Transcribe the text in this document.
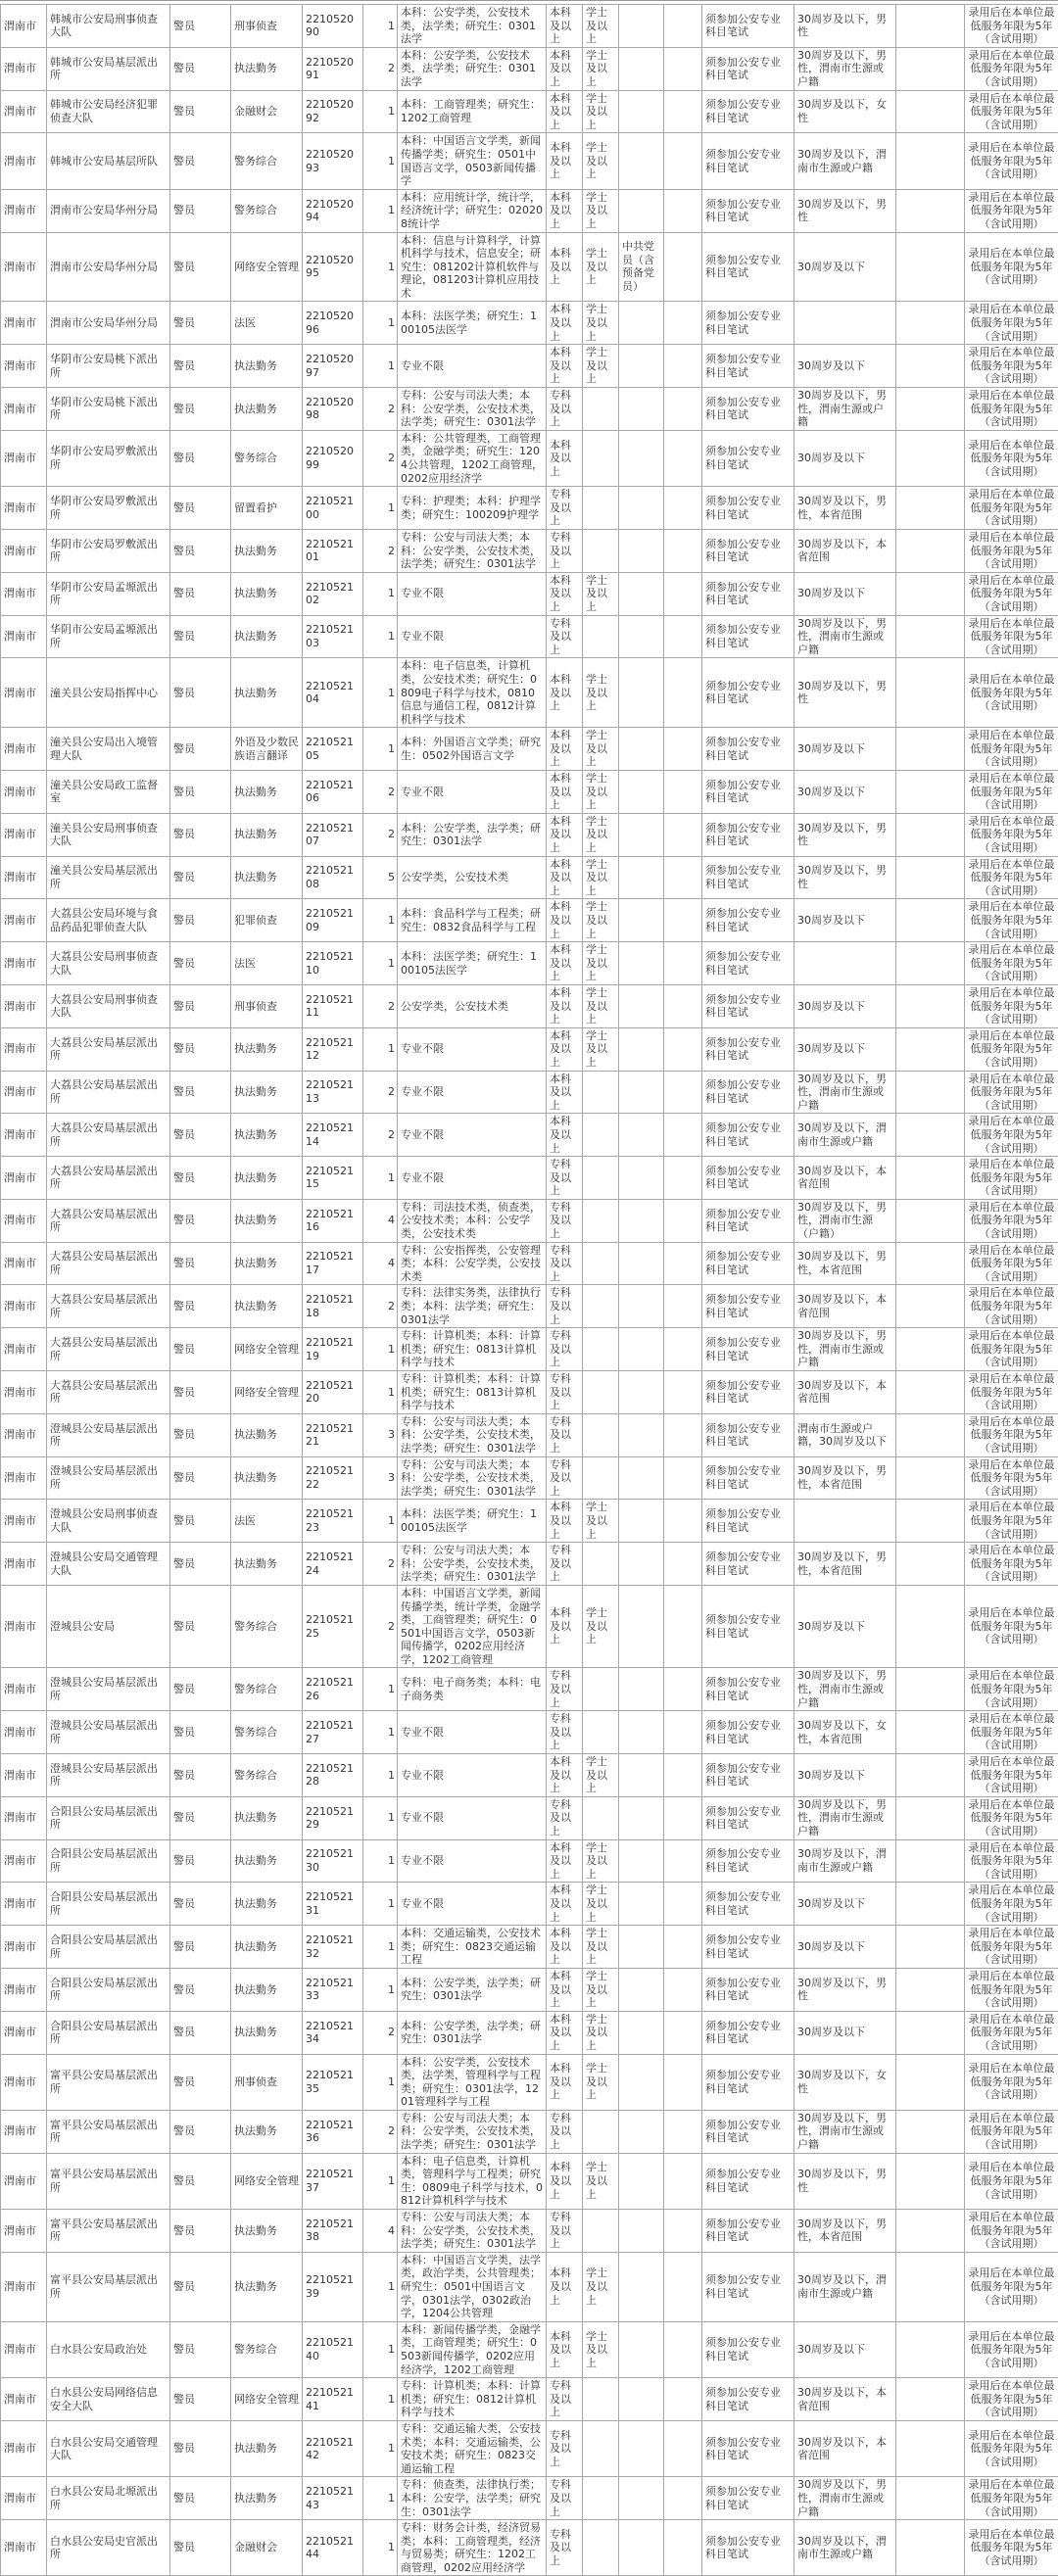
渭南市	韩城市公安局刑事侦查大队	警员	刑事侦查	221052090	1	本科：公安学类，公安技术类，法学类；研究生：0301法学	本科及以上	学士及以上			须参加公安专业科目笔试	30周岁及以下，男性		录用后在本单位最低服务年限为5年（含试用期）
渭南市	韩城市公安局基层派出所	警员	执法勤务	221052091	2	本科：公安学类，公安技术类，法学类；研究生：0301法学	本科及以上	学士及以上			须参加公安专业科目笔试	30周岁及以下，男性，渭南市生源或户籍		录用后在本单位最低服务年限为5年（含试用期）
渭南市	韩城市公安局经济犯罪侦查大队	警员	金融财会	221052092	1	本科：工商管理类；研究生：1202工商管理	本科及以上	学士及以上			须参加公安专业科目笔试	30周岁及以下，女性		录用后在本单位最低服务年限为5年（含试用期）
渭南市	韩城市公安局基层所队	警员	警务综合	221052093	1	本科：中国语言文学类，新闻传播学类；研究生：0501中国语言文学，0503新闻传播学	本科及以上	学士及以上			须参加公安专业科目笔试	30周岁及以下，渭南市生源或户籍		录用后在本单位最低服务年限为5年（含试用期）
渭南市	渭南市公安局华州分局	警员	警务综合	221052094	1	本科：应用统计学，统计学，经济统计学；研究生：020208统计学	本科及以上	学士及以上			须参加公安专业科目笔试	30周岁及以下，男性		录用后在本单位最低服务年限为5年（含试用期）
渭南市	渭南市公安局华州分局	警员	网络安全管理	221052095	1	本科：信息与计算科学，计算机科学与技术，信息安全；研究生：081202计算机软件与理论，081203计算机应用技术	本科及以上	学士及以上	中共党员（含预备党员）		须参加公安专业科目笔试	30周岁及以下		录用后在本单位最低服务年限为5年（含试用期）
渭南市	渭南市公安局华州分局	警员	法医	221052096	1	本科：法医学类；研究生：100105法医学	本科及以上	学士及以上			须参加公安专业科目笔试			录用后在本单位最低服务年限为5年（含试用期）
渭南市	华阴市公安局桃下派出所	警员	执法勤务	221052097	1	专业不限	本科及以上	学士及以上			须参加公安专业科目笔试	30周岁及以下		录用后在本单位最低服务年限为5年（含试用期）
渭南市	华阴市公安局桃下派出所	警员	执法勤务	221052098	2	专科：公安与司法大类；本科：公安学类，公安技术类，法学类；研究生：0301法学	专科及以上				须参加公安专业科目笔试	30周岁及以下，男性，渭南生源或户籍		录用后在本单位最低服务年限为5年（含试用期）
渭南市	华阴市公安局罗敷派出所	警员	警务综合	221052099	2	本科：公共管理类，工商管理类，金融学类；研究生：1204公共管理，1202工商管理，0202应用经济学	本科及以上				须参加公安专业科目笔试	30周岁及以下		录用后在本单位最低服务年限为5年（含试用期）
渭南市	华阴市公安局罗敷派出所	警员	留置看护	221052100	1	专科：护理类；本科：护理学类；研究生：100209护理学	专科及以上				须参加公安专业科目笔试	30周岁及以下，男性，本省范围		录用后在本单位最低服务年限为5年（含试用期）
渭南市	华阴市公安局罗敷派出所	警员	执法勤务	221052101	2	专科：公安与司法大类；本科：公安学类，公安技术类，法学类；研究生：0301法学	专科及以上				须参加公安专业科目笔试	30周岁及以下，本省范围		录用后在本单位最低服务年限为5年（含试用期）
渭南市	华阴市公安局孟塬派出所	警员	执法勤务	221052102	1	专业不限	本科及以上	学士及以上			须参加公安专业科目笔试	30周岁及以下		录用后在本单位最低服务年限为5年（含试用期）
渭南市	华阴市公安局孟塬派出所	警员	执法勤务	221052103	1	专业不限	专科及以上				须参加公安专业科目笔试	30周岁及以下，男性，渭南市生源或户籍		录用后在本单位最低服务年限为5年（含试用期）
渭南市	潼关县公安局指挥中心	警员	执法勤务	221052104	1	本科：电子信息类，计算机类，公安技术类；研究生：0809电子科学与技术，0810信息与通信工程，0812计算机科学与技术	本科及以上	学士及以上			须参加公安专业科目笔试	30周岁及以下，男性		录用后在本单位最低服务年限为5年（含试用期）
渭南市	潼关县公安局出入境管理大队	警员	外语及少数民族语言翻译	221052105	1	本科：外国语言文学类；研究生：0502外国语言文学	本科及以上	学士及以上			须参加公安专业科目笔试	30周岁及以下		录用后在本单位最低服务年限为5年（含试用期）
渭南市	潼关县公安局政工监督室	警员	执法勤务	221052106	2	专业不限	本科及以上	学士及以上			须参加公安专业科目笔试	30周岁及以下		录用后在本单位最低服务年限为5年（含试用期）
渭南市	潼关县公安局刑事侦查大队	警员	执法勤务	221052107	2	本科：公安学类，法学类；研究生：0301法学	本科及以上	学士及以上			须参加公安专业科目笔试	30周岁及以下，男性		录用后在本单位最低服务年限为5年（含试用期）
渭南市	潼关县公安局基层派出所	警员	执法勤务	221052108	5	公安学类，公安技术类	本科及以上	学士及以上			须参加公安专业科目笔试	30周岁及以下，男性		录用后在本单位最低服务年限为5年（含试用期）
渭南市	大荔县公安局环境与食品药品犯罪侦查大队	警员	犯罪侦查	221052109	1	本科：食品科学与工程类；研究生：0832食品科学与工程	本科及以上	学士及以上			须参加公安专业科目笔试	30周岁及以下		录用后在本单位最低服务年限为5年（含试用期）
渭南市	大荔县公安局刑事侦查大队	警员	法医	221052110	1	本科：法医学类；研究生：100105法医学	本科及以上	学士及以上			须参加公安专业科目笔试			录用后在本单位最低服务年限为5年（含试用期）
渭南市	大荔县公安局刑事侦查大队	警员	刑事侦查	221052111	2	公安学类，公安技术类	本科及以上	学士及以上			须参加公安专业科目笔试	30周岁及以下		录用后在本单位最低服务年限为5年（含试用期）
渭南市	大荔县公安局基层派出所	警员	执法勤务	221052112	1	专业不限	本科及以上	学士及以上			须参加公安专业科目笔试	30周岁及以下		录用后在本单位最低服务年限为5年（含试用期）
渭南市	大荔县公安局基层派出所	警员	执法勤务	221052113	2	专业不限	本科及以上				须参加公安专业科目笔试	30周岁及以下，男性，渭南市生源或户籍		录用后在本单位最低服务年限为5年（含试用期）
渭南市	大荔县公安局基层派出所	警员	执法勤务	221052114	2	专业不限	本科及以上				须参加公安专业科目笔试	30周岁及以下，渭南市生源或户籍		录用后在本单位最低服务年限为5年（含试用期）
渭南市	大荔县公安局基层派出所	警员	执法勤务	221052115	1	专业不限	专科及以上				须参加公安专业科目笔试	30周岁及以下，本省范围		录用后在本单位最低服务年限为5年（含试用期）
渭南市	大荔县公安局基层派出所	警员	执法勤务	221052116	4	专科：司法技术类，侦查类，公安技术类；本科：公安学类，公安技术类	专科及以上				须参加公安专业科目笔试	30周岁及以下，男性，渭南市生源（户籍）		录用后在本单位最低服务年限为5年（含试用期）
渭南市	大荔县公安局基层派出所	警员	执法勤务	221052117	4	专科：公安指挥类，公安管理类；本科：公安学类，公安技术类	专科及以上				须参加公安专业科目笔试	30周岁及以下，男性，本省范围		录用后在本单位最低服务年限为5年（含试用期）
渭南市	大荔县公安局基层派出所	警员	执法勤务	221052118	2	专科：法律实务类，法律执行类；本科：法学类；研究生：0301法学	专科及以上				须参加公安专业科目笔试	30周岁及以下，本省范围		录用后在本单位最低服务年限为5年（含试用期）
渭南市	大荔县公安局基层派出所	警员	网络安全管理	221052119	1	专科：计算机类；本科：计算机类；研究生：0813计算机科学与技术	专科及以上				须参加公安专业科目笔试	30周岁及以下，男性，渭南市生源或户籍		录用后在本单位最低服务年限为5年（含试用期）
渭南市	大荔县公安局基层派出所	警员	网络安全管理	221052120	1	专科：计算机类；本科：计算机类；研究生：0813计算机科学与技术	专科及以上				须参加公安专业科目笔试	30周岁及以下，本省范围		录用后在本单位最低服务年限为5年（含试用期）
渭南市	澄城县公安局基层派出所	警员	执法勤务	221052121	3	专科：公安与司法大类；本科：公安学类，公安技术类，法学类；研究生：0301法学	专科及以上				须参加公安专业科目笔试	渭南市生源或户籍，30周岁及以下		录用后在本单位最低服务年限为5年（含试用期）
渭南市	澄城县公安局基层派出所	警员	执法勤务	221052122	3	专科：公安与司法大类；本科：公安学类，公安技术类，法学类；研究生：0301法学	专科及以上				须参加公安专业科目笔试	30周岁及以下，男性，本省范围		录用后在本单位最低服务年限为5年（含试用期）
渭南市	澄城县公安局刑事侦查大队	警员	法医	221052123	1	本科：法医学类；研究生：100105法医学	本科及以上	学士及以上			须参加公安专业科目笔试			录用后在本单位最低服务年限为5年（含试用期）
渭南市	澄城县公安局交通管理大队	警员	执法勤务	221052124	2	专科：公安与司法大类；本科：公安学类，公安技术类，法学类；研究生：0301法学	专科及以上				须参加公安专业科目笔试	30周岁及以下，男性，本省范围		录用后在本单位最低服务年限为5年（含试用期）
渭南市	澄城县公安局	警员	警务综合	221052125	2	本科：中国语言文学类，新闻传播学类，统计学类，金融学类，工商管理类；研究生：0501中国语言文学，0503新闻传播学，0202应用经济学，1202工商管理	本科及以上	学士及以上			须参加公安专业科目笔试	30周岁及以下		录用后在本单位最低服务年限为5年（含试用期）
渭南市	澄城县公安局基层派出所	警员	警务综合	221052126	1	专科：电子商务类；本科：电子商务类	专科及以上				须参加公安专业科目笔试	30周岁及以下，男性，渭南市生源或户籍		录用后在本单位最低服务年限为5年（含试用期）
渭南市	澄城县公安局基层派出所	警员	警务综合	221052127	1	专业不限	专科及以上				须参加公安专业科目笔试	30周岁及以下，女性，本省范围		录用后在本单位最低服务年限为5年（含试用期）
渭南市	澄城县公安局基层派出所	警员	警务综合	221052128	1	专业不限	本科及以上	学士及以上			须参加公安专业科目笔试	30周岁及以下		录用后在本单位最低服务年限为5年（含试用期）
渭南市	合阳县公安局基层派出所	警员	执法勤务	221052129	1	专业不限	专科及以上				须参加公安专业科目笔试	30周岁及以下，男性，渭南市生源或户籍		录用后在本单位最低服务年限为5年（含试用期）
渭南市	合阳县公安局基层派出所	警员	执法勤务	221052130	1	专业不限	本科及以上	学士及以上			须参加公安专业科目笔试	30周岁及以下，渭南市生源或户籍		录用后在本单位最低服务年限为5年（含试用期）
渭南市	合阳县公安局基层派出所	警员	执法勤务	221052131	1	专业不限	本科及以上	学士及以上			须参加公安专业科目笔试	30周岁及以下		录用后在本单位最低服务年限为5年（含试用期）
渭南市	合阳县公安局基层派出所	警员	执法勤务	221052132	1	本科：交通运输类，公安技术类；研究生：0823交通运输工程	本科及以上	学士及以上			须参加公安专业科目笔试	30周岁及以下		录用后在本单位最低服务年限为5年（含试用期）
渭南市	合阳县公安局基层派出所	警员	执法勤务	221052133	1	本科：公安学类，法学类；研究生：0301法学	本科及以上	学士及以上			须参加公安专业科目笔试	30周岁及以下，男性		录用后在本单位最低服务年限为5年（含试用期）
渭南市	合阳县公安局基层派出所	警员	执法勤务	221052134	2	本科：公安学类，法学类；研究生：0301法学	本科及以上	学士及以上			须参加公安专业科目笔试	30周岁及以下		录用后在本单位最低服务年限为5年（含试用期）
渭南市	富平县公安局基层派出所	警员	刑事侦查	221052135	1	本科：公安学类，公安技术类，法学类，管理科学与工程类；研究生：0301法学，1201管理科学与工程	本科及以上	学士及以上			须参加公安专业科目笔试	30周岁及以下，女性		录用后在本单位最低服务年限为5年（含试用期）
渭南市	富平县公安局基层派出所	警员	执法勤务	221052136	2	专科：公安与司法大类；本科：公安学类，公安技术类，法学类；研究生：0301法学	专科及以上				须参加公安专业科目笔试	30周岁及以下，男性，渭南市生源或户籍		录用后在本单位最低服务年限为5年（含试用期）
渭南市	富平县公安局基层派出所	警员	网络安全管理	221052137	1	本科：电子信息类，计算机类，管理科学与工程类；研究生：0809电子科学与技术，0812计算机科学与技术	本科及以上	学士及以上			须参加公安专业科目笔试	30周岁及以下，男性		录用后在本单位最低服务年限为5年（含试用期）
渭南市	富平县公安局基层派出所	警员	执法勤务	221052138	4	专科：公安与司法大类；本科：公安学类，公安技术类，法学类；研究生：0301法学	专科及以上				须参加公安专业科目笔试	30周岁及以下，男性，本省范围		录用后在本单位最低服务年限为5年（含试用期）
渭南市	富平县公安局基层派出所	警员	执法勤务	221052139	1	本科：中国语言文学类，法学类，政治学类，公共管理类；研究生：0501中国语言文学，0301法学，0302政治学，1204公共管理	本科及以上	学士及以上			须参加公安专业科目笔试	30周岁及以下，渭南市生源或户籍		录用后在本单位最低服务年限为5年（含试用期）
渭南市	白水县公安局政治处	警员	警务综合	221052140	1	本科：新闻传播学类，金融学类，工商管理类；研究生：0503新闻传播学，0202应用经济学，1202工商管理	本科及以上	学士及以上			须参加公安专业科目笔试	30周岁及以下		录用后在本单位最低服务年限为5年（含试用期）
渭南市	白水县公安局网络信息安全大队	警员	网络安全管理	221052141	1	专科：计算机类；本科：计算机类；研究生：0812计算机科学与技术	专科及以上				须参加公安专业科目笔试	30周岁及以下，本省范围		录用后在本单位最低服务年限为5年（含试用期）
渭南市	白水县公安局交通管理大队	警员	执法勤务	221052142	1	专科：交通运输大类，公安技术类；本科：交通运输类，公安技术类；研究生：0823交通运输工程	专科及以上				须参加公安专业科目笔试	30周岁及以下，本省范围		录用后在本单位最低服务年限为5年（含试用期）
渭南市	白水县公安局北塬派出所	警员	执法勤务	221052143	1	专科：侦查类，法律执行类；本科：公安学，法学类；研究生：0301法学	专科及以上				须参加公安专业科目笔试	30周岁及以下，男性，渭南市生源或户籍		录用后在本单位最低服务年限为5年（含试用期）
渭南市	白水县公安局史官派出所	警员	金融财会	221052144	1	专科：财务会计类，经济贸易类；本科：工商管理类，经济与贸易类；研究生：1202工商管理，0202应用经济学	专科及以上				须参加公安专业科目笔试	30周岁及以下，渭南市生源或户籍		录用后在本单位最低服务年限为5年（含试用期）
